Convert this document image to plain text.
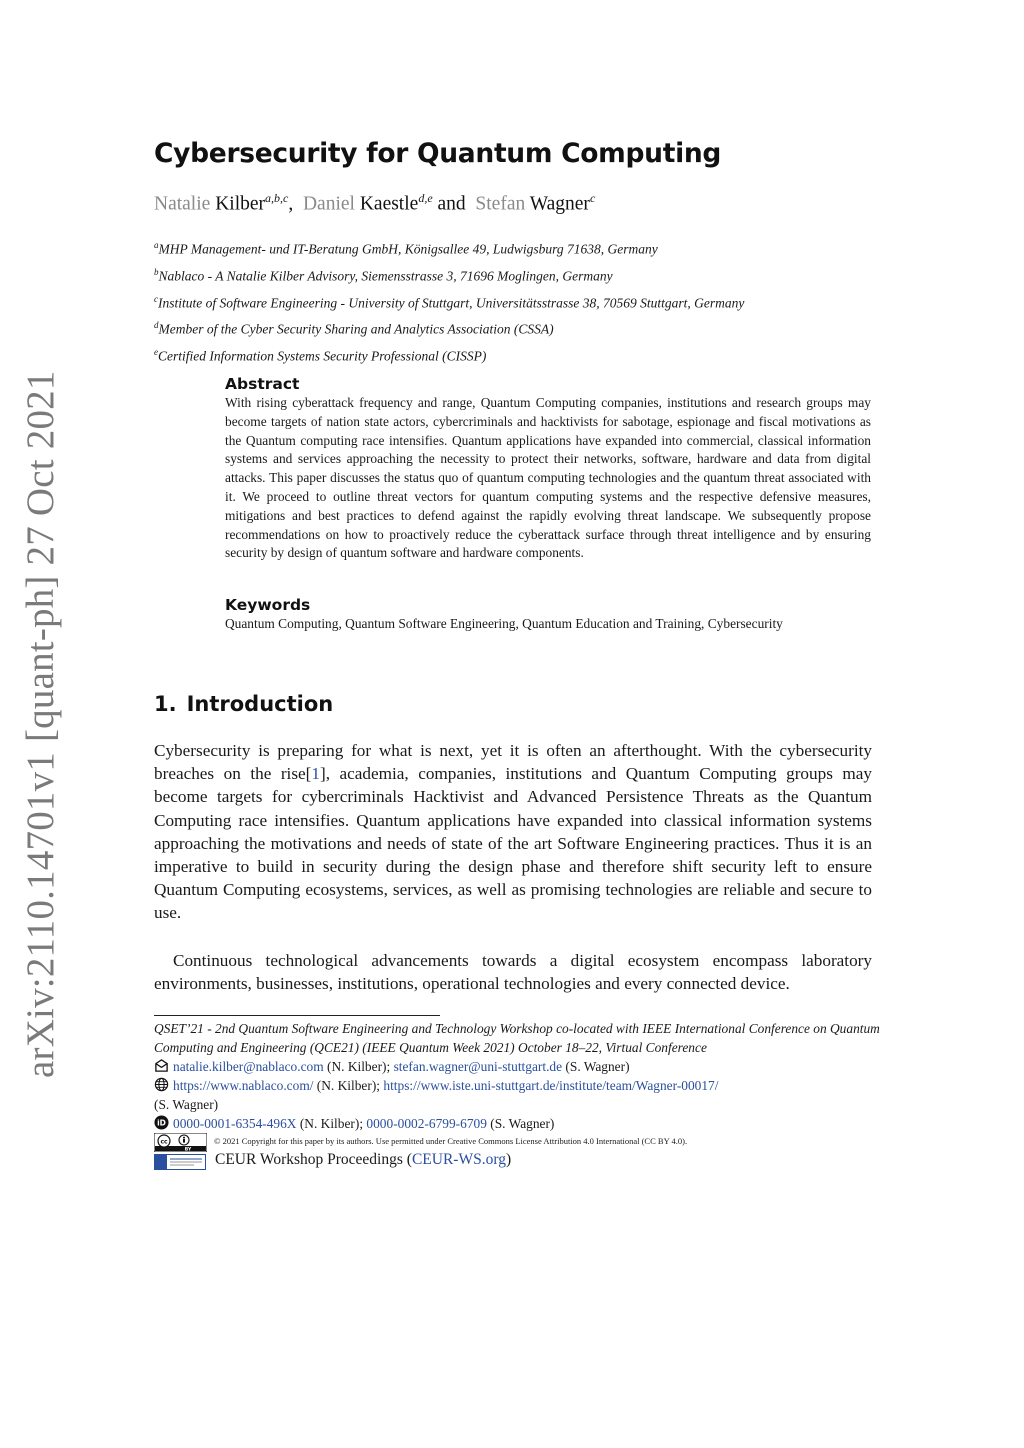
arXiv:2110.14701v1 [quant-ph] 27 Oct 2021
Cybersecurity for Quantum Computing
Natalie Kilber$^{a,b,c}$, Daniel Kaestle$^{d,e}$ and Stefan Wagner$^c$
$^a$MHP Management- und IT-Beratung GmbH, Königsallee 49, Ludwigsburg 71638, Germany
$^b$Nablaco - A Natalie Kilber Advisory, Siemensstrasse 3, 71696 Moglingen, Germany
$^c$Institute of Software Engineering - University of Stuttgart, Universitätsstrasse 38, 70569 Stuttgart, Germany
$^d$Member of the Cyber Security Sharing and Analytics Association (CSSA)
$^e$Certified Information Systems Security Professional (CISSP)
Abstract

With rising cyberattack frequency and range, Quantum Computing companies, institutions and research groups may become targets of nation state actors, cybercriminals and hacktivists for sabotage, espionage and fiscal motivations as the Quantum computing race intensifies. Quantum applications have expanded into commercial, classical information systems and services approaching the necessity to protect their networks, software, hardware and data from digital attacks. This paper discusses the status quo of quantum computing technologies and the quantum threat associated with it. We proceed to outline threat vectors for quantum computing systems and the respective defensive measures, mitigations and best practices to defend against the rapidly evolving threat landscape. We subsequently propose recommendations on how to proactively reduce the cyberattack surface through threat intelligence and by ensuring security by design of quantum software and hardware components.

Keywords

Quantum Computing, Quantum Software Engineering, Quantum Education and Training, Cybersecurity

1. Introduction

Cybersecurity is preparing for what is next, yet it is often an afterthought. With the cybersecurity breaches on the rise[1], academia, companies, institutions and Quantum Computing groups may become targets for cybercriminals Hacktivist and Advanced Persistence Threats as the Quantum Computing race intensifies. Quantum applications have expanded into classical information systems approaching the motivations and needs of state of the art Software Engineering practices. Thus it is an imperative to build in security during the design phase and therefore shift security left to ensure Quantum Computing ecosystems, services, as well as promising technologies are reliable and secure to use.

Continuous technological advancements towards a digital ecosystem encompass laboratory environments, businesses, institutions, operational technologies and every connected device.

QSET’21 - 2nd Quantum Software Engineering and Technology Workshop co-located with IEEE International Conference on Quantum Computing and Engineering (QCE21) (IEEE Quantum Week 2021) October 18–22, Virtual Conference

natalie.kilber@nablaco.com (N. Kilber); stefan.wagner@uni-stuttgart.de (S. Wagner)

https://www.nablaco.com/ (N. Kilber); https://www.iste.uni-stuttgart.de/institute/team/Wagner-00017/
(S. Wagner)

iD 0000-0001-6354-496X (N. Kilber); 0000-0002-6799-6709 (S. Wagner)

cc
BY
© 2021 Copyright for this paper by its authors. Use permitted under Creative Commons License Attribution 4.0 International (CC BY 4.0).
CEUR Workshop Proceedings (CEUR-WS.org)
